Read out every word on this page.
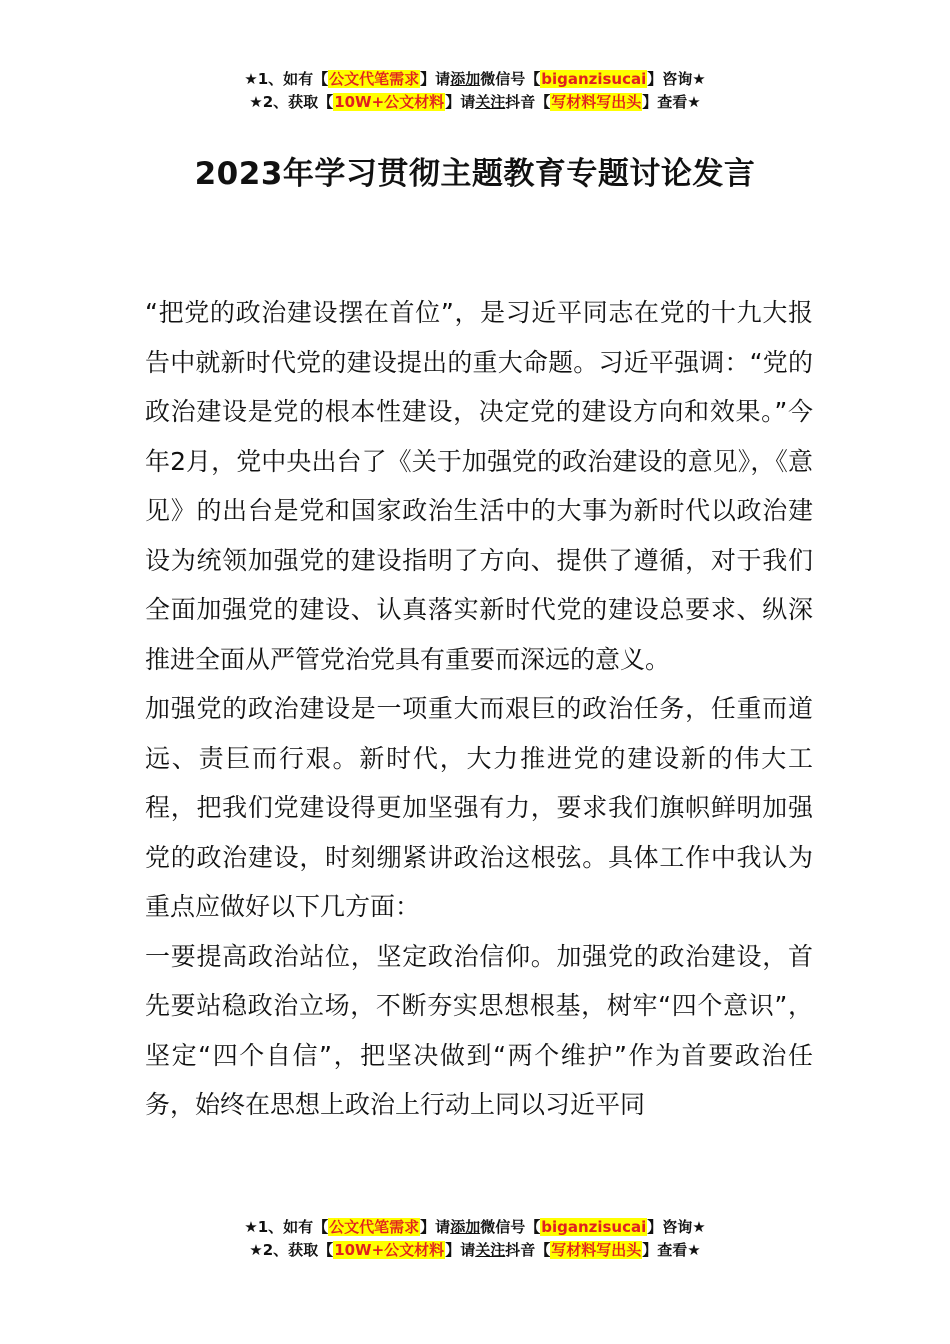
★1、如有【公文代笔需求】请添加微信号【biganzisucai】咨询★
★2、获取【10W+公文材料】请关注抖音【写材料写出头】查看★
2023年学习贯彻主题教育专题讨论发言

“把党的政治建设摆在首位”，是习近平同志在党的十九大报告中就新时代党的建设提出的重大命题。习近平强调：“党的政治建设是党的根本性建设，决定党的建设方向和效果。”今年2月，党中央出台了《关于加强党的政治建设的意见》，《意见》的出台是党和国家政治生活中的大事为新时代以政治建设为统领加强党的建设指明了方向、提供了遵循，对于我们全面加强党的建设、认真落实新时代党的建设总要求、纵深推进全面从严管党治党具有重要而深远的意义。

加强党的政治建设是一项重大而艰巨的政治任务，任重而道远、责巨而行艰。新时代，大力推进党的建设新的伟大工程，把我们党建设得更加坚强有力，要求我们旗帜鲜明加强党的政治建设，时刻绷紧讲政治这根弦。具体工作中我认为重点应做好以下几方面：

一要提高政治站位，坚定政治信仰。加强党的政治建设，首先要站稳政治立场，不断夯实思想根基，树牢“四个意识”，坚定“四个自信”，把坚决做到“两个维护”作为首要政治任务，始终在思想上政治上行动上同以习近平同

★1、如有【公文代笔需求】请添加微信号【biganzisucai】咨询★
★2、获取【10W+公文材料】请关注抖音【写材料写出头】查看★
